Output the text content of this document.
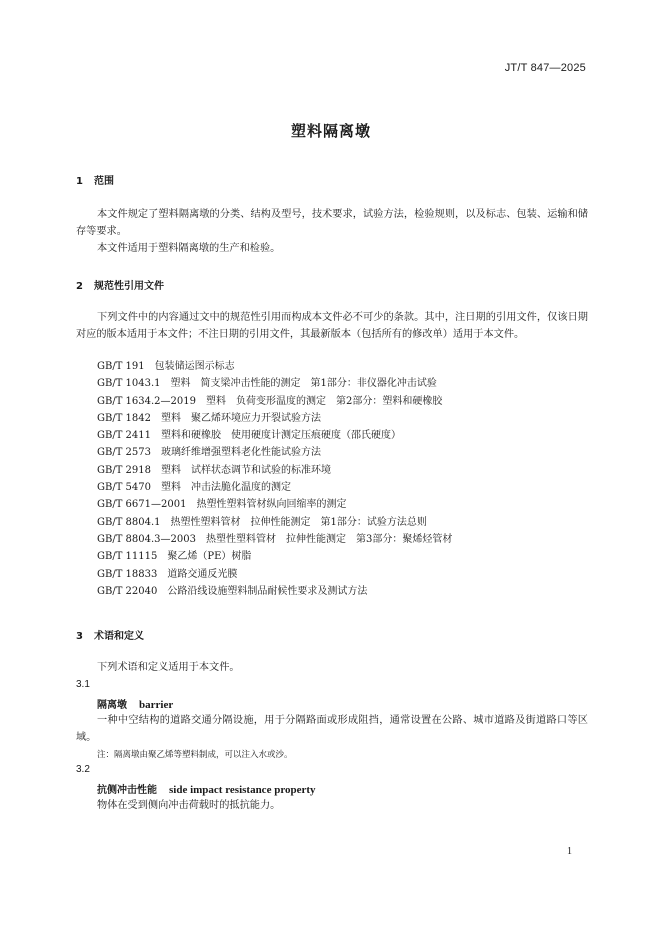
JT/T 847—2025
塑料隔离墩
1 范围
本文件规定了塑料隔离墩的分类、结构及型号，技术要求，试验方法，检验规则，以及标志、包装、运输和储存等要求。
本文件适用于塑料隔离墩的生产和检验。
2 规范性引用文件
下列文件中的内容通过文中的规范性引用而构成本文件必不可少的条款。其中，注日期的引用文件，仅该日期对应的版本适用于本文件；不注日期的引用文件，其最新版本（包括所有的修改单）适用于本文件。
GB/T 191　包装储运图示标志
GB/T 1043.1　塑料　简支梁冲击性能的测定　第1部分：非仪器化冲击试验
GB/T 1634.2—2019　塑料　负荷变形温度的测定　第2部分：塑料和硬橡胶
GB/T 1842　塑料　聚乙烯环境应力开裂试验方法
GB/T 2411　塑料和硬橡胶　使用硬度计测定压痕硬度（邵氏硬度）
GB/T 2573　玻璃纤维增强塑料老化性能试验方法
GB/T 2918　塑料　试样状态调节和试验的标准环境
GB/T 5470　塑料　冲击法脆化温度的测定
GB/T 6671—2001　热塑性塑料管材纵向回缩率的测定
GB/T 8804.1　热塑性塑料管材　拉伸性能测定　第1部分：试验方法总则
GB/T 8804.3—2003　热塑性塑料管材　拉伸性能测定　第3部分：聚烯烃管材
GB/T 11115　聚乙烯（PE）树脂
GB/T 18833　道路交通反光膜
GB/T 22040　公路沿线设施塑料制品耐候性要求及测试方法
3 术语和定义
下列术语和定义适用于本文件。
3.1
隔离墩 barrier
一种中空结构的道路交通分隔设施，用于分隔路面或形成阻挡，通常设置在公路、城市道路及街道路口等区域。
注：隔离墩由聚乙烯等塑料制成，可以注入水或沙。
3.2
抗侧冲击性能 side impact resistance property
物体在受到侧向冲击荷载时的抵抗能力。
1
